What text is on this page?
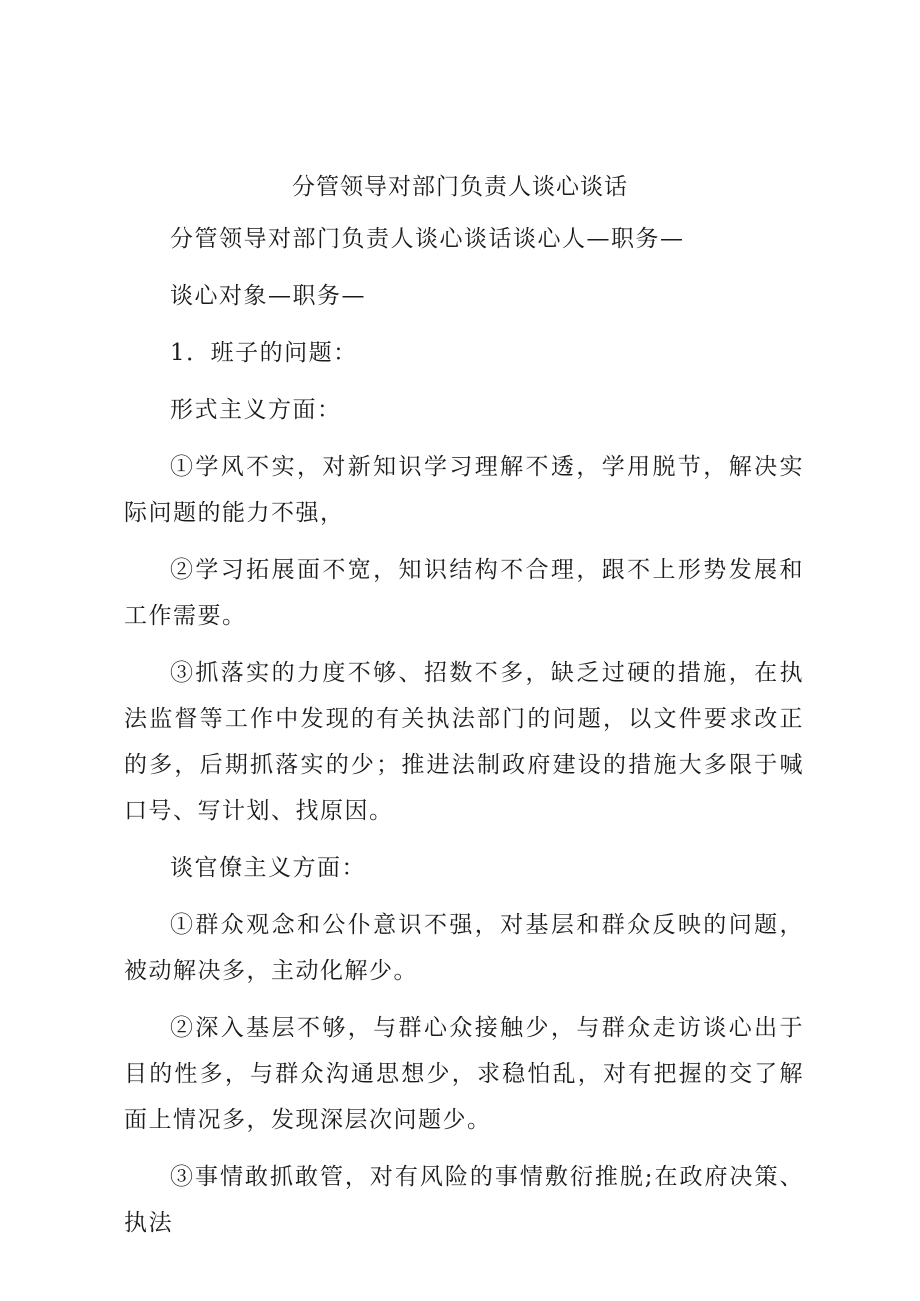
分管领导对部门负责人谈心谈话

分管领导对部门负责人谈心谈话谈心人—职务—

谈心对象—职务—

1．班子的问题：

形式主义方面：

①学风不实，对新知识学习理解不透，学用脱节，解决实际问题的能力不强，

②学习拓展面不宽，知识结构不合理，跟不上形势发展和工作需要。

③抓落实的力度不够、招数不多，缺乏过硬的措施，在执法监督等工作中发现的有关执法部门的问题，以文件要求改正的多，后期抓落实的少；推进法制政府建设的措施大多限于喊口号、写计划、找原因。

谈官僚主义方面：

①群众观念和公仆意识不强，对基层和群众反映的问题，被动解决多，主动化解少。

②深入基层不够，与群心众接触少，与群众走访谈心出于目的性多，与群众沟通思想少，求稳怕乱，对有把握的交了解面上情况多，发现深层次问题少。

③事情敢抓敢管，对有风险的事情敷衍推脱;在政府决策、执法
